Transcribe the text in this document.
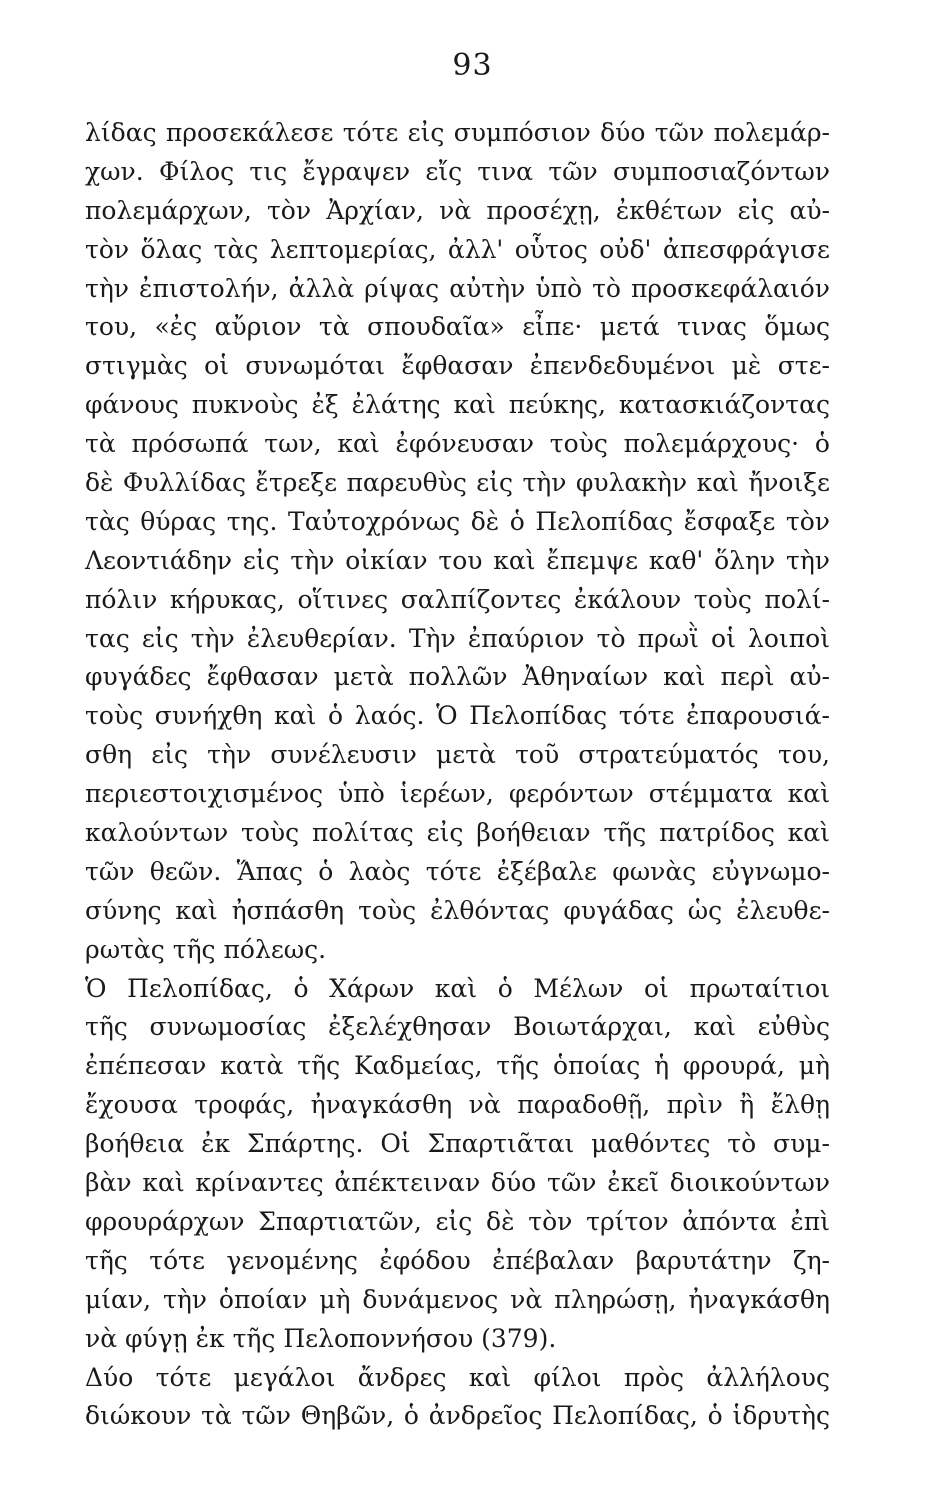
93
λίδας προσεκάλεσε τότε εἰς συμπόσιον δύο τῶν πολεμάρ-
χων. Φίλος τις ἔγραψεν εἴς τινα τῶν συμποσιαζόντων
πολεμάρχων, τὸν Ἀρχίαν, νὰ προσέχῃ, ἐκθέτων εἰς αὐ-
τὸν ὅλας τὰς λεπτομερίας, ἀλλ' οὗτος οὐδ' ἀπεσφράγισε
τὴν ἐπιστολήν, ἀλλὰ ρίψας αὐτὴν ὑπὸ τὸ προσκεφάλαιόν
του, «ἐς αὔριον τὰ σπουδαῖα» εἶπε· μετά τινας ὅμως
στιγμὰς οἱ συνωμόται ἔφθασαν ἐπενδεδυμένοι μὲ στε-
φάνους πυκνοὺς ἐξ ἐλάτης καὶ πεύκης, κατασκιάζοντας
τὰ πρόσωπά των, καὶ ἐφόνευσαν τοὺς πολεμάρχους· ὁ
δὲ Φυλλίδας ἔτρεξε παρευθὺς εἰς τὴν φυλακὴν καὶ ἤνοιξε
τὰς θύρας της. Ταὐτοχρόνως δὲ ὁ Πελοπίδας ἔσφαξε τὸν
Λεοντιάδην εἰς τὴν οἰκίαν του καὶ ἔπεμψε καθ' ὅλην τὴν
πόλιν κήρυκας, οἵτινες σαλπίζοντες ἐκάλουν τοὺς πολί-
τας εἰς τὴν ἐλευθερίαν. Τὴν ἐπαύριον τὸ πρωῒ οἱ λοιποὶ
φυγάδες ἔφθασαν μετὰ πολλῶν Ἀθηναίων καὶ περὶ αὐ-
τοὺς συνήχθη καὶ ὁ λαός. Ὁ Πελοπίδας τότε ἐπαρουσιά-
σθη εἰς τὴν συνέλευσιν μετὰ τοῦ στρατεύματός του,
περιεστοιχισμένος ὑπὸ ἱερέων, φερόντων στέμματα καὶ
καλούντων τοὺς πολίτας εἰς βοήθειαν τῆς πατρίδος καὶ
τῶν θεῶν. Ἅπας ὁ λαὸς τότε ἐξέβαλε φωνὰς εὐγνωμο-
σύνης καὶ ἠσπάσθη τοὺς ἐλθόντας φυγάδας ὡς ἐλευθε-
ρωτὰς τῆς πόλεως.
Ὁ Πελοπίδας, ὁ Χάρων καὶ ὁ Μέλων οἱ πρωταίτιοι
τῆς συνωμοσίας ἐξελέχθησαν Βοιωτάρχαι, καὶ εὐθὺς
ἐπέπεσαν κατὰ τῆς Καδμείας, τῆς ὁποίας ἡ φρουρά, μὴ
ἔχουσα τροφάς, ἠναγκάσθη νὰ παραδοθῇ, πρὶν ἢ ἔλθῃ
βοήθεια ἐκ Σπάρτης. Οἱ Σπαρτιᾶται μαθόντες τὸ συμ-
βὰν καὶ κρίναντες ἀπέκτειναν δύο τῶν ἐκεῖ διοικούντων
φρουράρχων Σπαρτιατῶν, εἰς δὲ τὸν τρίτον ἀπόντα ἐπὶ
τῆς τότε γενομένης ἐφόδου ἐπέβαλαν βαρυτάτην ζη-
μίαν, τὴν ὁποίαν μὴ δυνάμενος νὰ πληρώσῃ, ἠναγκάσθη
νὰ φύγῃ ἐκ τῆς Πελοποννήσου (379).
Δύο τότε μεγάλοι ἄνδρες καὶ φίλοι πρὸς ἀλλήλους
διώκουν τὰ τῶν Θηβῶν, ὁ ἀνδρεῖος Πελοπίδας, ὁ ἱδρυτὴς
